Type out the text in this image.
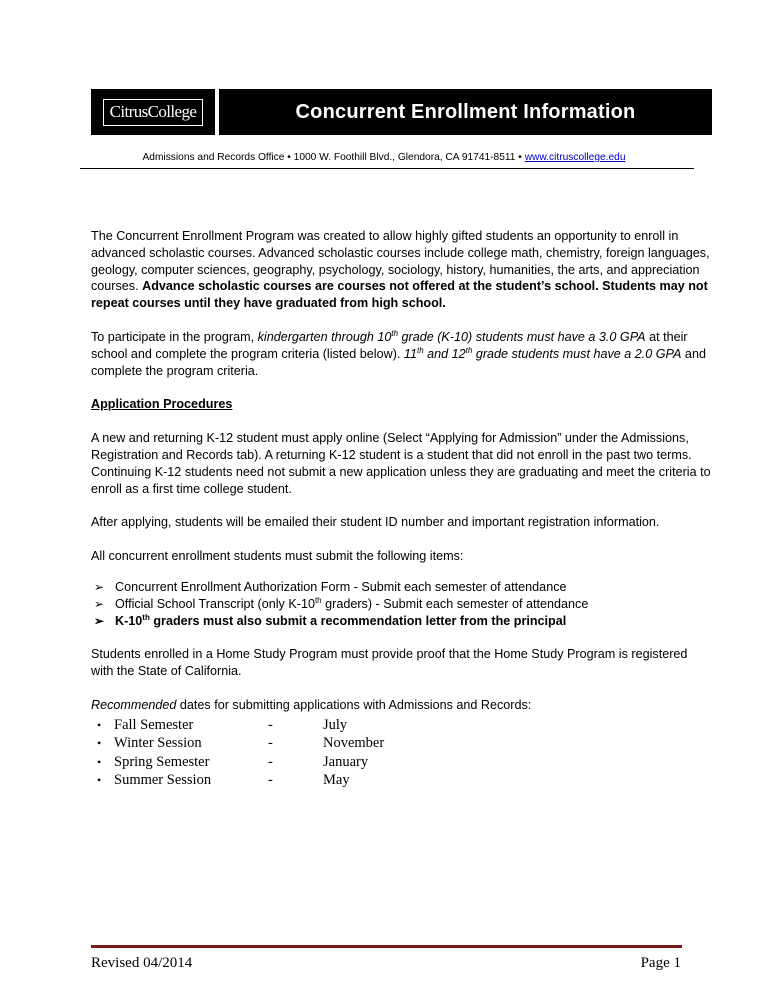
CitrusCollege	Concurrent Enrollment Information
Admissions and Records Office • 1000 W. Foothill Blvd., Glendora, CA 91741-8511 • www.citruscollege.edu

The Concurrent Enrollment Program was created to allow highly gifted students an opportunity to enroll in advanced scholastic courses. Advanced scholastic courses include college math, chemistry, foreign languages, geology, computer sciences, geography, psychology, sociology, history, humanities, the arts, and appreciation courses. Advance scholastic courses are courses not offered at the student’s school. Students may not repeat courses until they have graduated from high school.

To participate in the program, kindergarten through 10th grade (K-10) students must have a 3.0 GPA at their school and complete the program criteria (listed below). 11th and 12th grade students must have a 2.0 GPA and complete the program criteria.

Application Procedures

A new and returning K-12 student must apply online (Select “Applying for Admission” under the Admissions, Registration and Records tab). A returning K-12 student is a student that did not enroll in the past two terms. Continuing K-12 students need not submit a new application unless they are graduating and meet the criteria to enroll as a first time college student.

After applying, students will be emailed their student ID number and important registration information.

All concurrent enrollment students must submit the following items:

➢ Concurrent Enrollment Authorization Form - Submit each semester of attendance
➢ Official School Transcript (only K-10th graders) - Submit each semester of attendance
➢ K-10th graders must also submit a recommendation letter from the principal

Students enrolled in a Home Study Program must provide proof that the Home Study Program is registered with the State of California.

Recommended dates for submitting applications with Admissions and Records:

• Fall Semester	-	July
• Winter Session	-	November
• Spring Semester	-	January
• Summer Session	-	May
Revised 04/2014	Page 1
